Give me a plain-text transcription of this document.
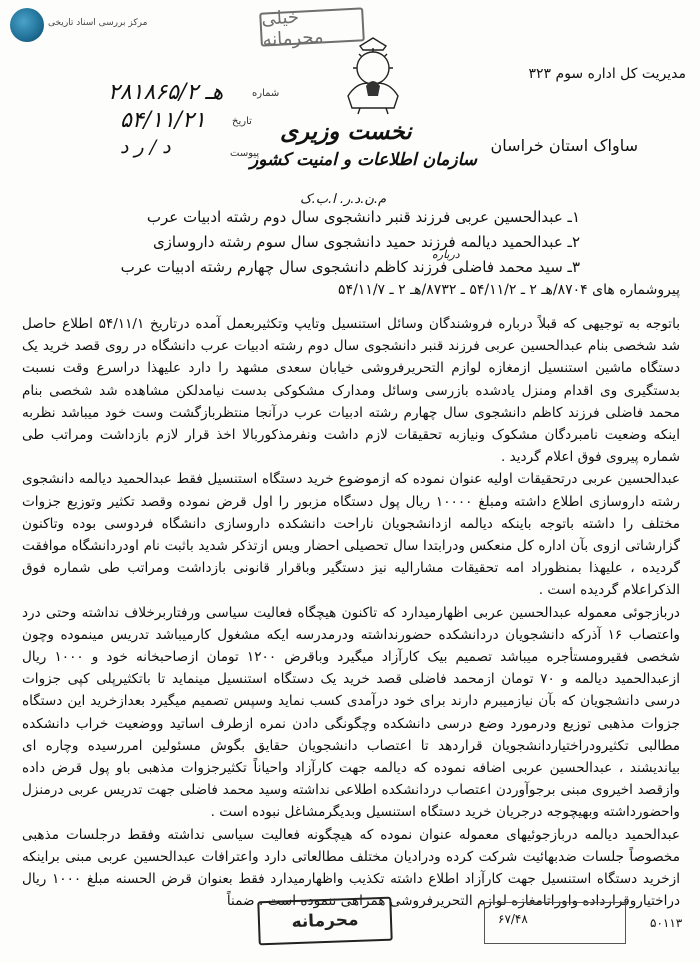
مرکز بررسی اسناد تاریخی	خیلی محرمانه
مدیریت کل اداره سوم ۳۲۳
نخست وزیری
ساواک استان خراسان
سازمان اطلاعات و امنیت کشور
شماره
۲۸۱۸۶۵/هـ ۲
تاریخ
۵۴/۱۱/۲۱
پیوست
د / ر د
م.ن.د.ر. ا.ب.ک
۱ـ عبدالحسین عربی فرزند قنبر دانشجوی سال دوم رشته ادبیات عرب
۲ـ عبدالحمید دیالمه فرزند حمید دانشجوی سال سوم رشته داروسازی
درباره
۳ـ سید محمد فاضلی فرزند کاظم دانشجوی سال چهارم رشته ادبیات عرب
پیروشماره های ۸۷۰۴/هـ ۲ ـ ۵۴/۱۱/۲ ـ ۸۷۳۲/هـ ۲ ـ ۵۴/۱۱/۷

باتوجه به توجیهی که قبلاً درباره فروشندگان وسائل استنسیل وتایپ وتکثیربعمل آمده درتاریخ ۵۴/۱۱/۱ اطلاع حاصل شد شخصی بنام عبدالحسین عربی فرزند قنبر دانشجوی سال دوم رشته ادبیات عرب دانشگاه در روی قصد خرید یک دستگاه ماشین استنسیل ازمغازه لوازم التحریرفروشی خیابان سعدی مشهد را دارد علیهذا دراسرع وقت نسبت بدستگیری وی اقدام ومنزل یادشده بازرسی وسائل ومدارک مشکوکی بدست نیامدلکن مشاهده شد شخصی بنام محمد فاضلی فرزند کاظم دانشجوی سال چهارم رشته ادبیات عرب درآنجا منتظربازگشت وست خود میباشد نظربه اینکه وضعیت نامبردگان مشکوک ونیازبه تحقیقات لازم داشت ونفرمذکوربالا اخذ قرار لازم بازداشت ومراتب طی شماره پیروی فوق اعلام گردید .

عبدالحسین عربی درتحقیقات اولیه عنوان نموده که ازموضوع خرید دستگاه استنسیل فقط عبدالحمید دیالمه دانشجوی رشته داروسازی اطلاع داشته ومبلغ ۱۰۰۰۰ ریال پول دستگاه مزبور را اول قرض نموده وقصد تکثیر وتوزیع جزوات مختلف را داشته باتوجه باینکه دیالمه ازدانشجویان ناراحت دانشکده داروسازی دانشگاه فردوسی بوده وتاکنون گزارشاتی ازوی بآن اداره کل منعکس ودرابتدا سال تحصیلی احضار ویس ازتذکر شدید باثبت نام اودردانشگاه موافقت گردیده ، علیهذا بمنظوراد امه تحقیقات مشارالیه نیز دستگیر وباقرار قانونی بازداشت ومراتب طی شماره فوق الذکراعلام گردیده است .

دربازجوئی معموله عبدالحسین عربی اظهارمیدارد که تاکنون هیچگاه فعالیت سیاسی ورفتاربرخلاف نداشته وحتی درد واعتصاب ۱۶ آذرکه دانشجویان دردانشکده حضورنداشته ودرمدرسه ایکه مشغول کارمیباشد تدریس مینموده وچون شخصی فقیرومستأجره میباشد تصمیم بیک کارآزاد میگیرد وباقرض ۱۲۰۰ تومان ازصاحبخانه خود و ۱۰۰۰ ریال ازعبدالحمید دیالمه و ۷۰ تومان ازمحمد فاضلی قصد خرید یک دستگاه استنسیل مینماید تا باتکثیرپلی کپی جزوات درسی دانشجویان که بآن نیازمیبرم دارند برای خود درآمدی کسب نماید وسپس تصمیم میگیرد بعدازخرید این دستگاه جزوات مذهبی توزیع ودرمورد وضع درسی دانشکده وچگونگی دادن نمره ازطرف اساتید ووضعیت خراب دانشکده مطالبی تکثیرودراختیاردانشجویان قراردهد تا اعتصاب دانشجویان حقایق بگوش مسئولین امررسیده وچاره ای بیاندیشند ، عبدالحسین عربی اضافه نموده که دیالمه جهت کارآزاد واحیاناً تکثیرجزوات مذهبی باو پول قرض داده وازقصد اخیروی مبنی برجوآوردن اعتصاب دردانشکده اطلاعی نداشته وسید محمد فاضلی جهت تدریس عربی درمنزل واحضورداشته وبهیچوجه درجریان خرید دستگاه استنسیل وبدیگرمشاغل نبوده است .

عبدالحمید دیالمه دربازجوئیهای معموله عنوان نموده که هیچگونه فعالیت سیاسی نداشته وفقط درجلسات مذهبی مخصوصاً جلسات ضدبهائیت شرکت کرده ودرادیان مختلف مطالعاتی دارد واعترافات عبدالحسین عربی مبنی براینکه ازخرید دستگاه استنسیل جهت کارآزاد اطلاع داشته تکذیب واظهارمیدارد فقط بعنوان قرض الحسنه مبلغ ۱۰۰۰ ریال دراختیاروقرارداده واوراتامغازه لوازم التحریرفروشی همراهی ننموده است ، ضمناً

محرمانه	۵۰۱۱۳
۶۷/۴۸
